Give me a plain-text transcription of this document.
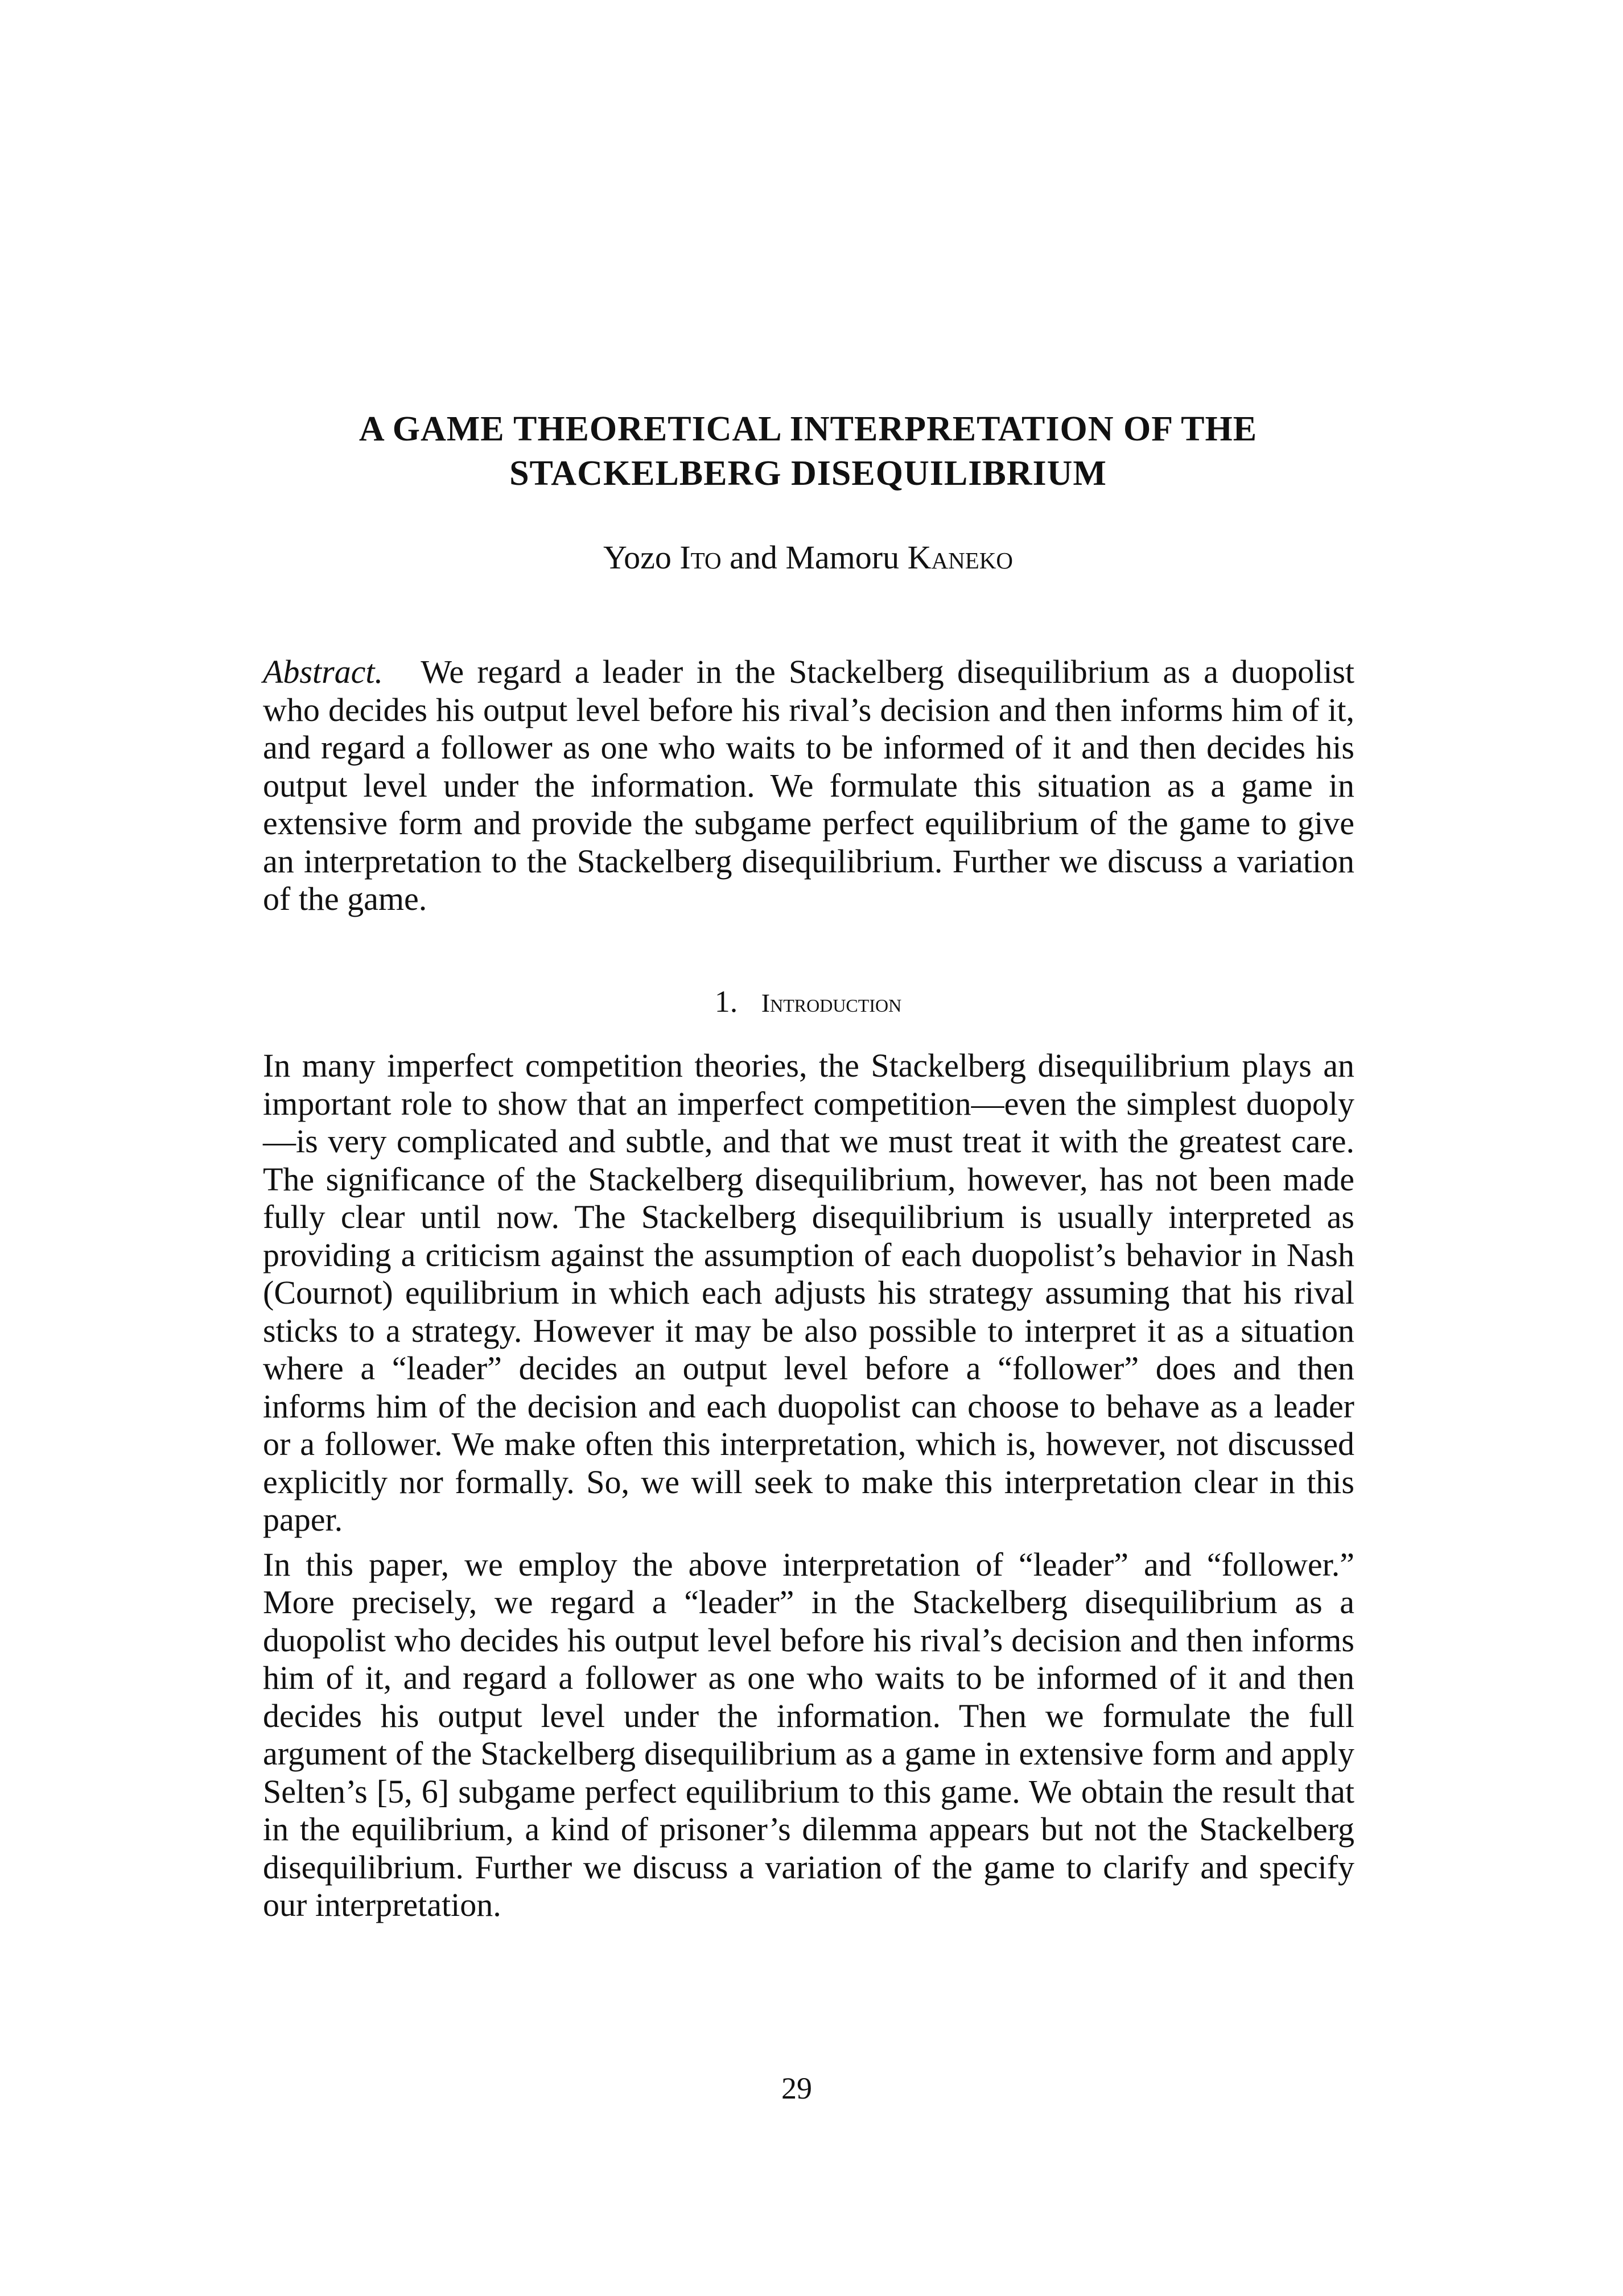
A GAME THEORETICAL INTERPRETATION OF THE
STACKELBERG DISEQUILIBRIUM
Yozo Ito and Mamoru Kaneko
Abstract. We regard a leader in the Stackelberg disequilibrium as a duopolist who decides his output level before his rival’s decision and then informs him of it, and regard a follower as one who waits to be informed of it and then decides his output level under the information. We formulate this situation as a game in extensive form and provide the subgame perfect equilibrium of the game to give an interpretation to the Stackelberg disequilibrium. Further we discuss a variation of the game.
1. Introduction

In many imperfect competition theories, the Stackelberg disequilibrium plays an important role to show that an imperfect competition—even the simplest duopoly—is very complicated and subtle, and that we must treat it with the greatest care. The significance of the Stackelberg disequilibrium, however, has not been made fully clear until now. The Stackelberg disequilibrium is usually interpreted as providing a criticism against the assumption of each duopolist’s behavior in Nash (Cournot) equilibrium in which each adjusts his strategy assuming that his rival sticks to a strategy. However it may be also possible to interpret it as a situation where a “leader” decides an output level before a “follower” does and then informs him of the decision and each duopolist can choose to behave as a leader or a follower. We make often this interpretation, which is, however, not discussed explicitly nor formally. So, we will seek to make this interpretation clear in this paper.

In this paper, we employ the above interpretation of “leader” and “follower.” More precisely, we regard a “leader” in the Stackelberg disequilibrium as a duopolist who decides his output level before his rival’s decision and then informs him of it, and regard a follower as one who waits to be informed of it and then decides his output level under the information. Then we formulate the full argument of the Stackelberg disequilibrium as a game in extensive form and apply Selten’s [5, 6] subgame perfect equilibrium to this game. We obtain the result that in the equilibrium, a kind of prisoner’s dilemma appears but not the Stackelberg disequilibrium. Further we discuss a variation of the game to clarify and specify our interpretation.

29
